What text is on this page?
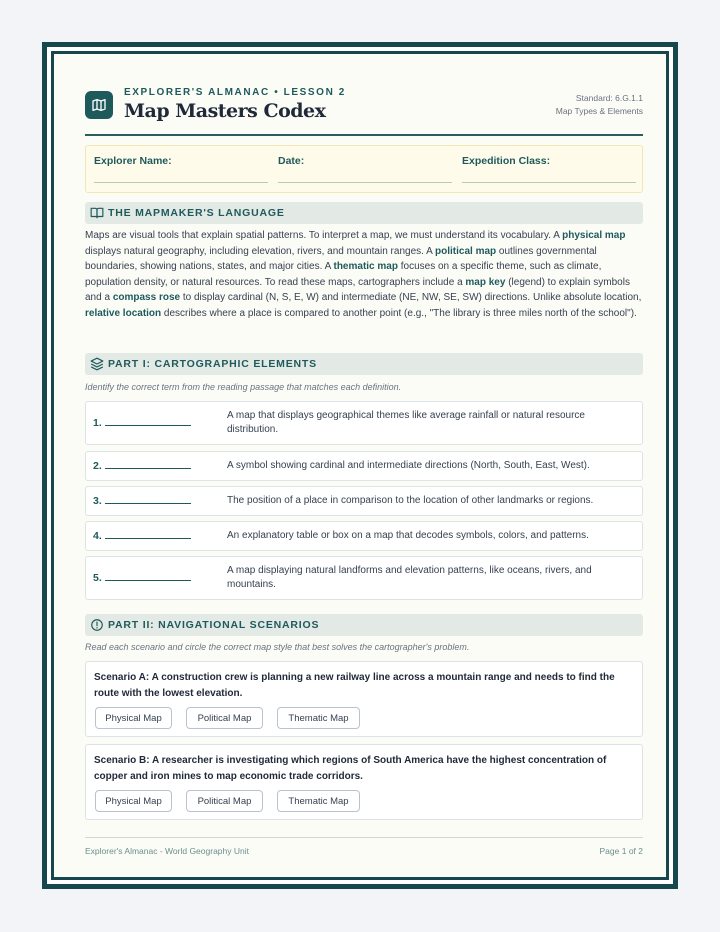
EXPLORER'S ALMANAC • LESSON 2
Map Masters Codex
Standard: 6.G.1.1
Map Types & Elements
Explorer Name:	Date:	Expedition Class:
THE MAPMAKER'S LANGUAGE
Maps are visual tools that explain spatial patterns. To interpret a map, we must understand its vocabulary. A physical map displays natural geography, including elevation, rivers, and mountain ranges. A political map outlines governmental boundaries, showing nations, states, and major cities. A thematic map focuses on a specific theme, such as climate, population density, or natural resources. To read these maps, cartographers include a map key (legend) to explain symbols and a compass rose to display cardinal (N, S, E, W) and intermediate (NE, NW, SE, SW) directions. Unlike absolute location, relative location describes where a place is compared to another point (e.g., "The library is three miles north of the school").
PART I: CARTOGRAPHIC ELEMENTS
Identify the correct term from the reading passage that matches each definition.
1.
A map that displays geographical themes like average rainfall or natural resource distribution.
2.	A symbol showing cardinal and intermediate directions (North, South, East, West).
3.	The position of a place in comparison to the location of other landmarks or regions.
4.	An explanatory table or box on a map that decodes symbols, colors, and patterns.
5.
A map displaying natural landforms and elevation patterns, like oceans, rivers, and mountains.
PART II: NAVIGATIONAL SCENARIOS
Read each scenario and circle the correct map style that best solves the cartographer's problem.
Scenario A: A construction crew is planning a new railway line across a mountain range and needs to find the route with the lowest elevation.
Physical Map	Political Map	Thematic Map
Scenario B: A researcher is investigating which regions of South America have the highest concentration of copper and iron mines to map economic trade corridors.
Physical Map	Political Map	Thematic Map
Explorer's Almanac - World Geography Unit	Page 1 of 2
